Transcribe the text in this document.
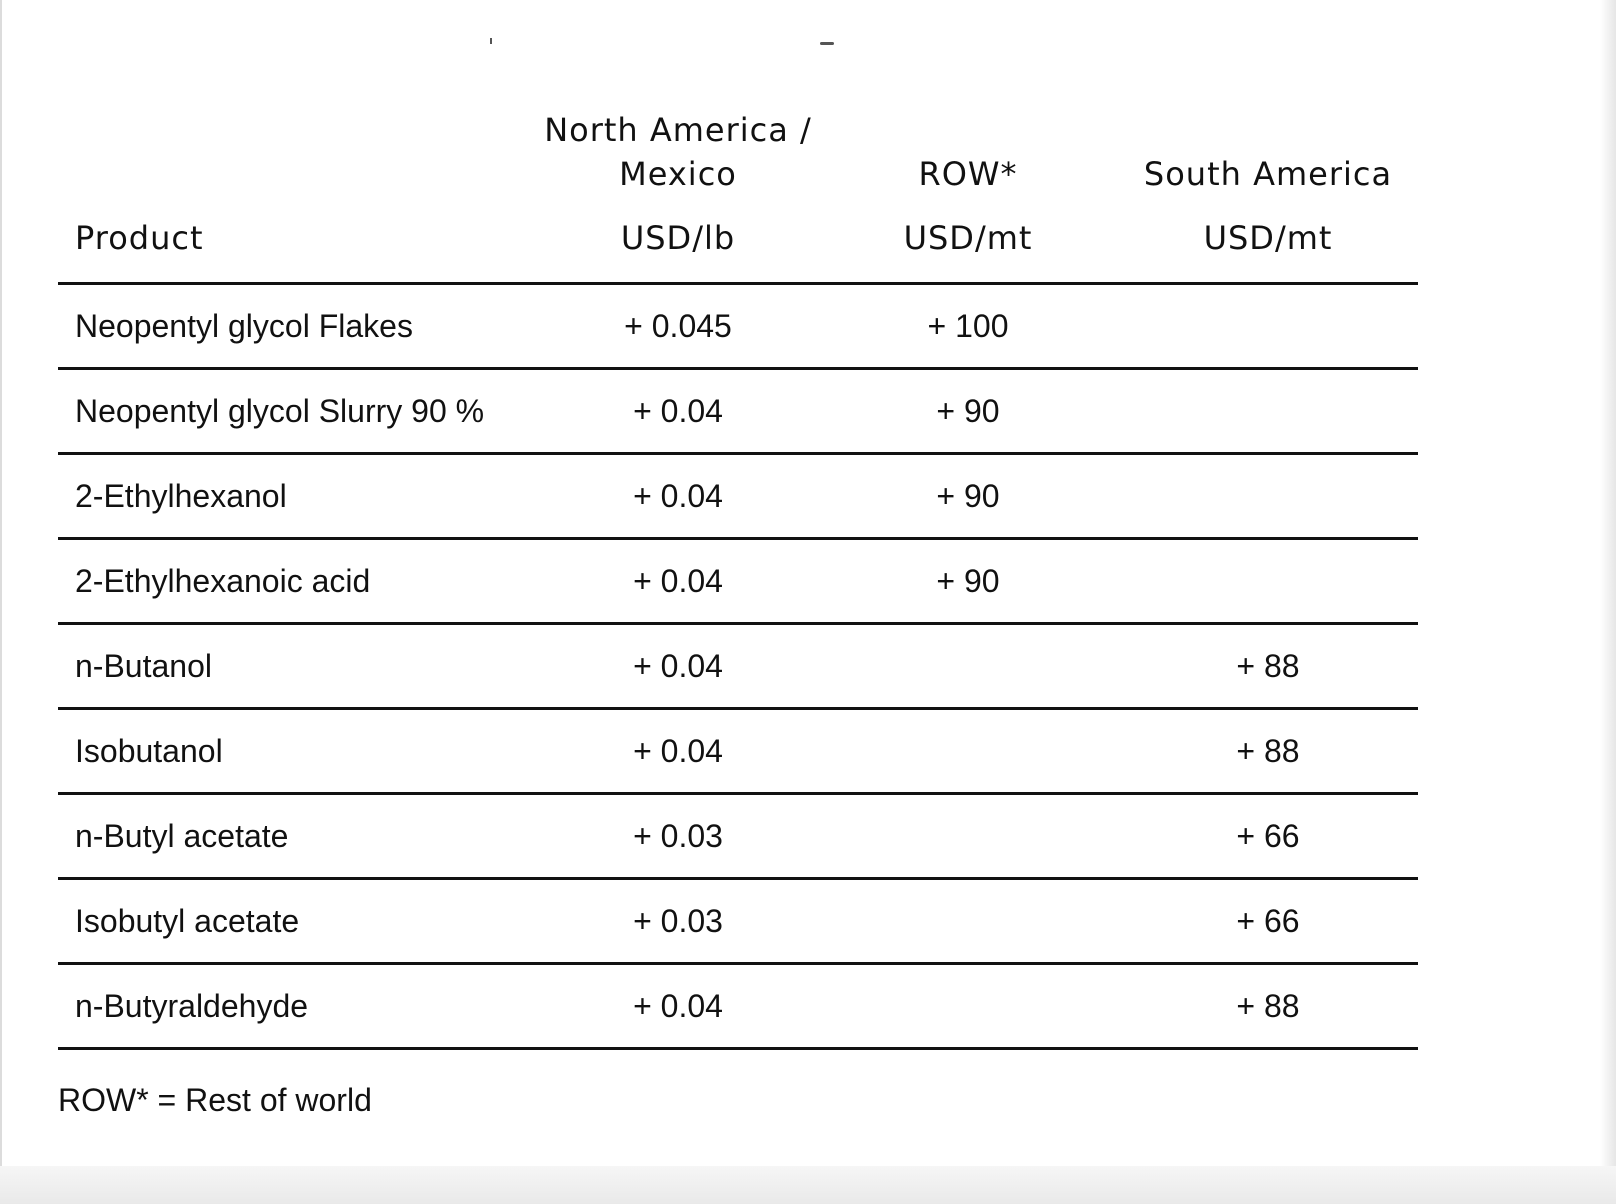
	North America / Mexico	ROW*	South America
Product	USD/lb	USD/mt	USD/mt
Neopentyl glycol Flakes	+ 0.045	+ 100	
Neopentyl glycol Slurry 90 %	+ 0.04	+ 90	
2-Ethylhexanol	+ 0.04	+ 90	
2-Ethylhexanoic acid	+ 0.04	+ 90	
n-Butanol	+ 0.04		+ 88
Isobutanol	+ 0.04		+ 88
n-Butyl acetate	+ 0.03		+ 66
Isobutyl acetate	+ 0.03		+ 66
n-Butyraldehyde	+ 0.04		+ 88
ROW* = Rest of world
